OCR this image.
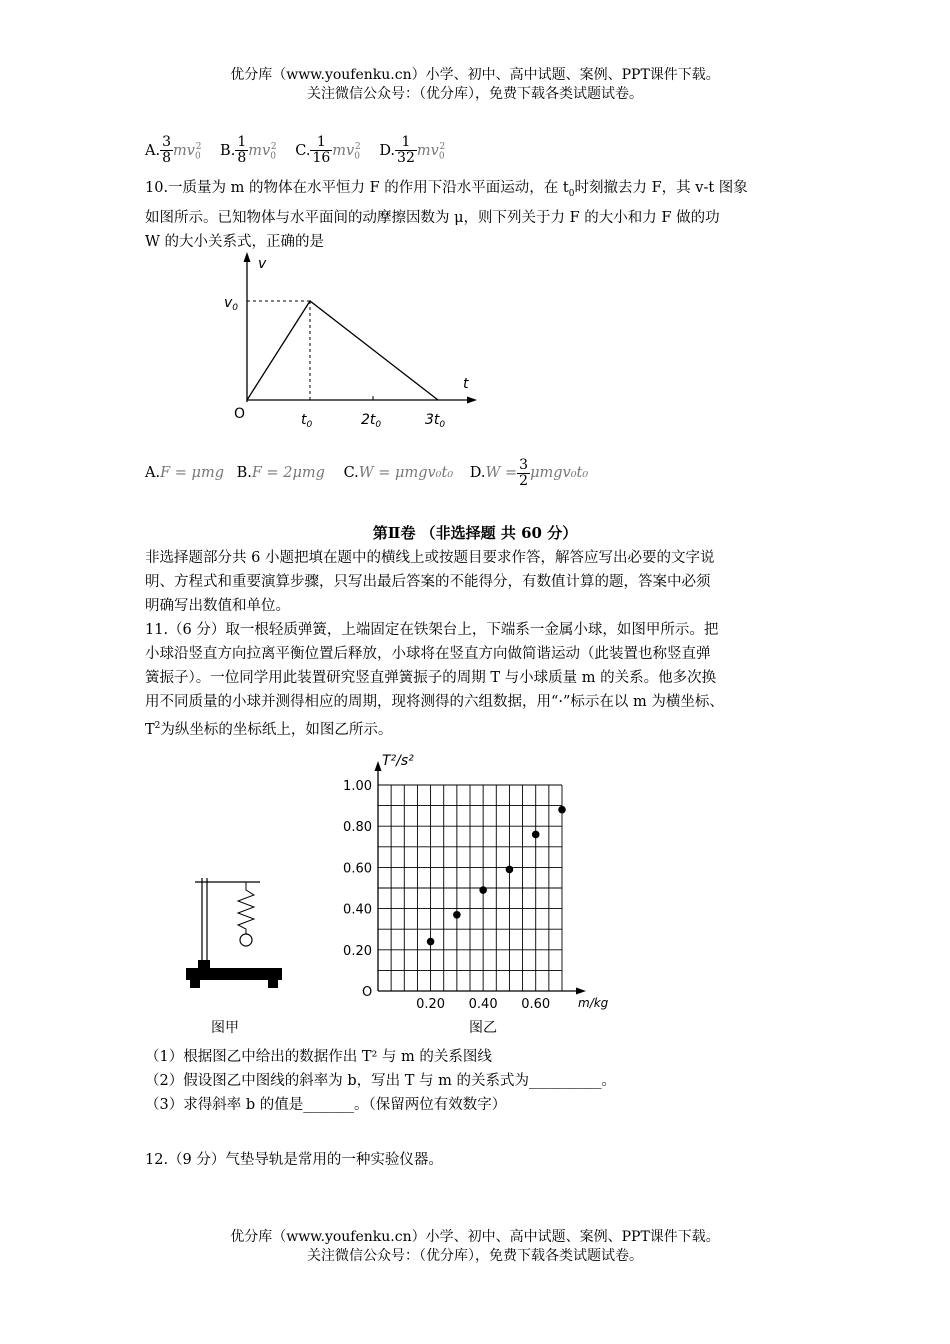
优分库（www.youfenku.cn）小学、初中、高中试题、案例、PPT课件下载。
关注微信公众号：（优分库），免费下载各类试题试卷。
A. $\frac{3}{8} mv_0^2$ B. $\frac{1}{8} mv_0^2$ C. $\frac{1}{16} mv_0^2$ D. $\frac{1}{32} mv_0^2$
10.一质量为 m 的物体在水平恒力 F 的作用下沿水平面运动，在 $t_0$时刻撤去力 F，其 v-t 图象
如图所示。已知物体与水平面间的动摩擦因数为 μ，则下列关于力 F 的大小和力 F 做的功
W 的大小关系式，正确的是
v
t
$v_0$
O	$t_0$	$2t_0$	$3t_0$
A.F = μmg B.F = 2μmg C.W = μmgv₀t₀ $D.W = \frac{3}{2} \mu mgv_0t_0$
第Ⅱ卷 （非选择题 共 60 分）
非选择题部分共 6 小题把填在题中的横线上或按题目要求作答，解答应写出必要的文字说
明、方程式和重要演算步骤，只写出最后答案的不能得分，有数值计算的题，答案中必须
明确写出数值和单位。
11.（6 分）取一根轻质弹簧，上端固定在铁架台上，下端系一金属小球，如图甲所示。把
小球沿竖直方向拉离平衡位置后释放，小球将在竖直方向做简谐运动（此装置也称竖直弹
簧振子）。一位同学用此装置研究竖直弹簧振子的周期 T 与小球质量 m 的关系。他多次换
用不同质量的小球并测得相应的周期，现将测得的六组数据，用“·”标示在以 m 为横坐标、
$T^2$为纵坐标的坐标纸上，如图乙所示。
T²/s²
m/kg
O
0.20
0.40
0.60
0.80
1.00
0.20 0.40 0.60
图甲	图乙
（1）根据图乙中给出的数据作出 T² 与 m 的关系图线
（2）假设图乙中图线的斜率为 b，写出 T 与 m 的关系式为__________。
（3）求得斜率 b 的值是_______。（保留两位有效数字）
12.（9 分）气垫导轨是常用的一种实验仪器。
优分库（www.youfenku.cn）小学、初中、高中试题、案例、PPT课件下载。
关注微信公众号：（优分库），免费下载各类试题试卷。
